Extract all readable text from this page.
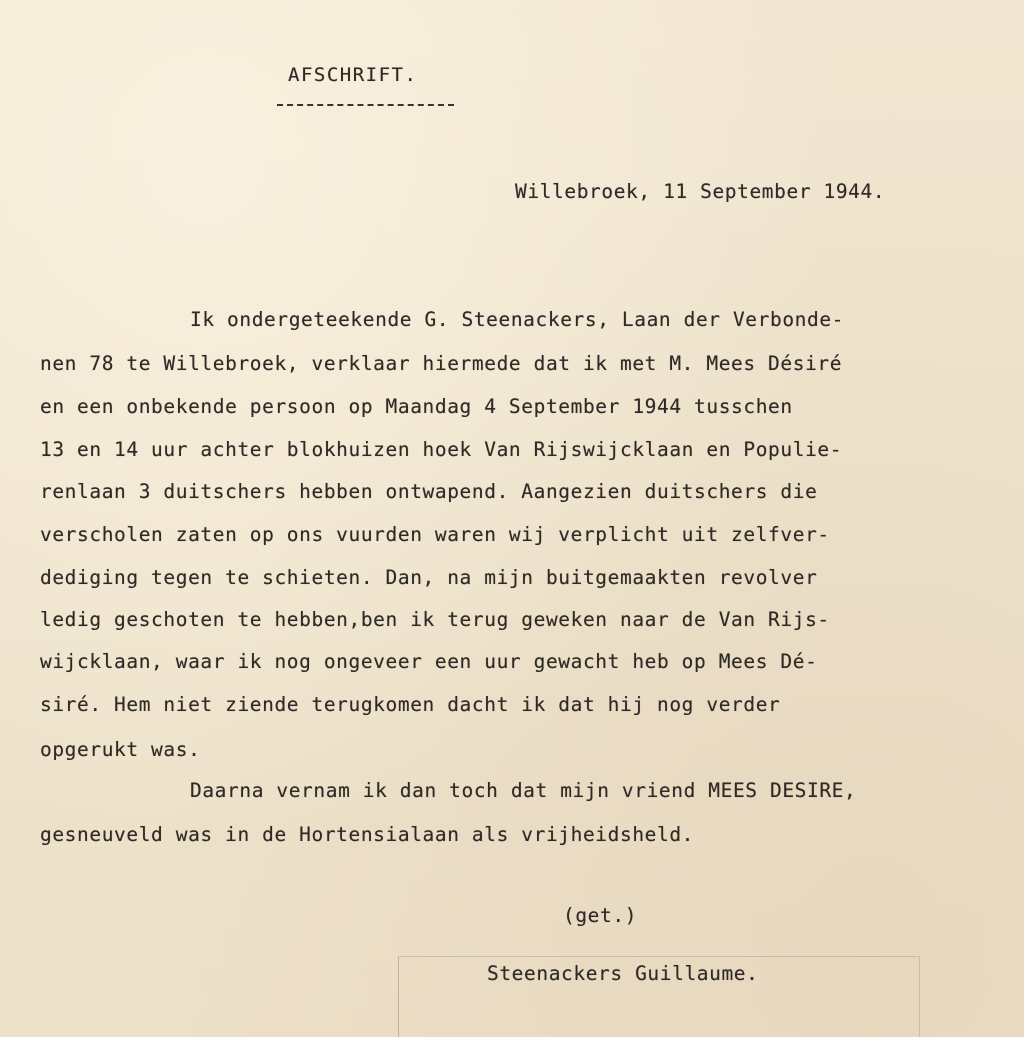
AFSCHRIFT.
Willebroek, 11 September 1944.
Ik ondergeteekende G. Steenackers, Laan der Verbonde-
nen 78 te Willebroek, verklaar hiermede dat ik met M. Mees Désiré
en een onbekende persoon op Maandag 4 September 1944 tusschen
13 en 14 uur achter blokhuizen hoek Van Rijswijcklaan en Populie-
renlaan 3 duitschers hebben ontwapend. Aangezien duitschers die
verscholen zaten op ons vuurden waren wij verplicht uit zelfver-
dediging tegen te schieten. Dan, na mijn buitgemaakten revolver
ledig geschoten te hebben,ben ik terug geweken naar de Van Rijs-
wijcklaan, waar ik nog ongeveer een uur gewacht heb op Mees Dé-
siré. Hem niet ziende terugkomen dacht ik dat hij nog verder
opgerukt was.
Daarna vernam ik dan toch dat mijn vriend MEES DESIRE,
gesneuveld was in de Hortensialaan als vrijheidsheld.
(get.)
Steenackers Guillaume.
